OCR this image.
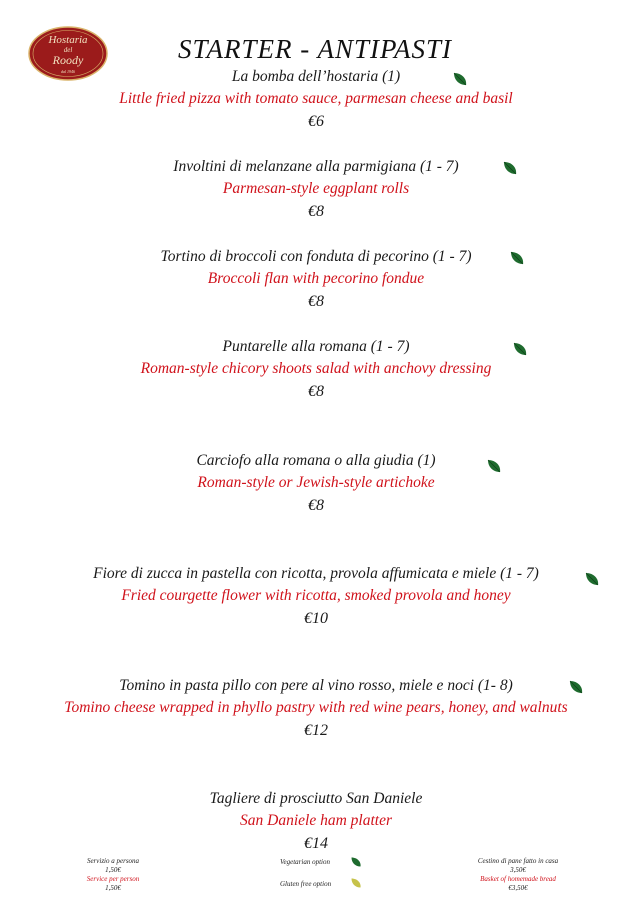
Hostaria
del
Roody
dal 1946
STARTER - ANTIPASTI
La bomba dell’hostaria (1)
Little fried pizza with tomato sauce, parmesan cheese and basil
€6
Involtini di melanzane alla parmigiana (1 - 7)
Parmesan-style eggplant rolls
€8
Tortino di broccoli con fonduta di pecorino (1 - 7)
Broccoli flan with pecorino fondue
€8
Puntarelle alla romana (1 - 7)
Roman-style chicory shoots salad with anchovy dressing
€8
Carciofo alla romana o alla giudia (1)
Roman-style or Jewish-style artichoke
€8
Fiore di zucca in pastella con ricotta, provola affumicata e miele (1 - 7)
Fried courgette flower with ricotta, smoked provola and honey
€10
Tomino in pasta pillo con pere al vino rosso, miele e noci (1- 8)
Tomino cheese wrapped in phyllo pastry with red wine pears, honey, and walnuts
€12
Tagliere di prosciutto San Daniele
San Daniele ham platter
€14
Servizio a persona
1,50€
Service per person
1,50€
Vegetarian option
Gluten free option
Cestino di pane fatto in casa
3,50€
Basket of homemade bread
€3,50€
